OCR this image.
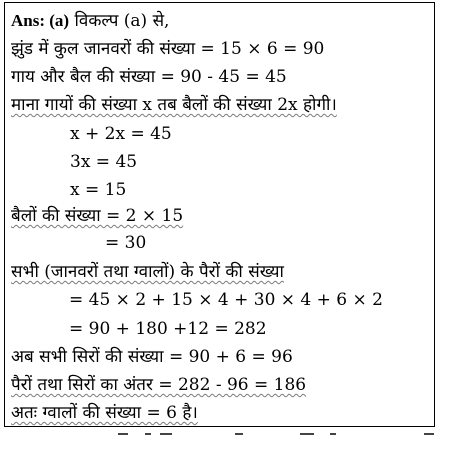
Ans: (a) विकल्प (a) से,
झुंड में कुल जानवरों की संख्या = 15 × 6 = 90
गाय और बैल की संख्या = 90 - 45 = 45
माना गायों की संख्या x तब बैलों की संख्या 2x होगी।
x + 2x = 45
3x = 45
x = 15
बैलों की संख्या = 2 × 15
= 30
सभी (जानवरों तथा ग्वालों) के पैरों की संख्या
= 45 × 2 + 15 × 4 + 30 × 4 + 6 × 2
= 90 + 180 +12 = 282
अब सभी सिरों की संख्या = 90 + 6 = 96
पैरों तथा सिरों का अंतर = 282 - 96 = 186
अतः ग्वालों की संख्या = 6 है।
